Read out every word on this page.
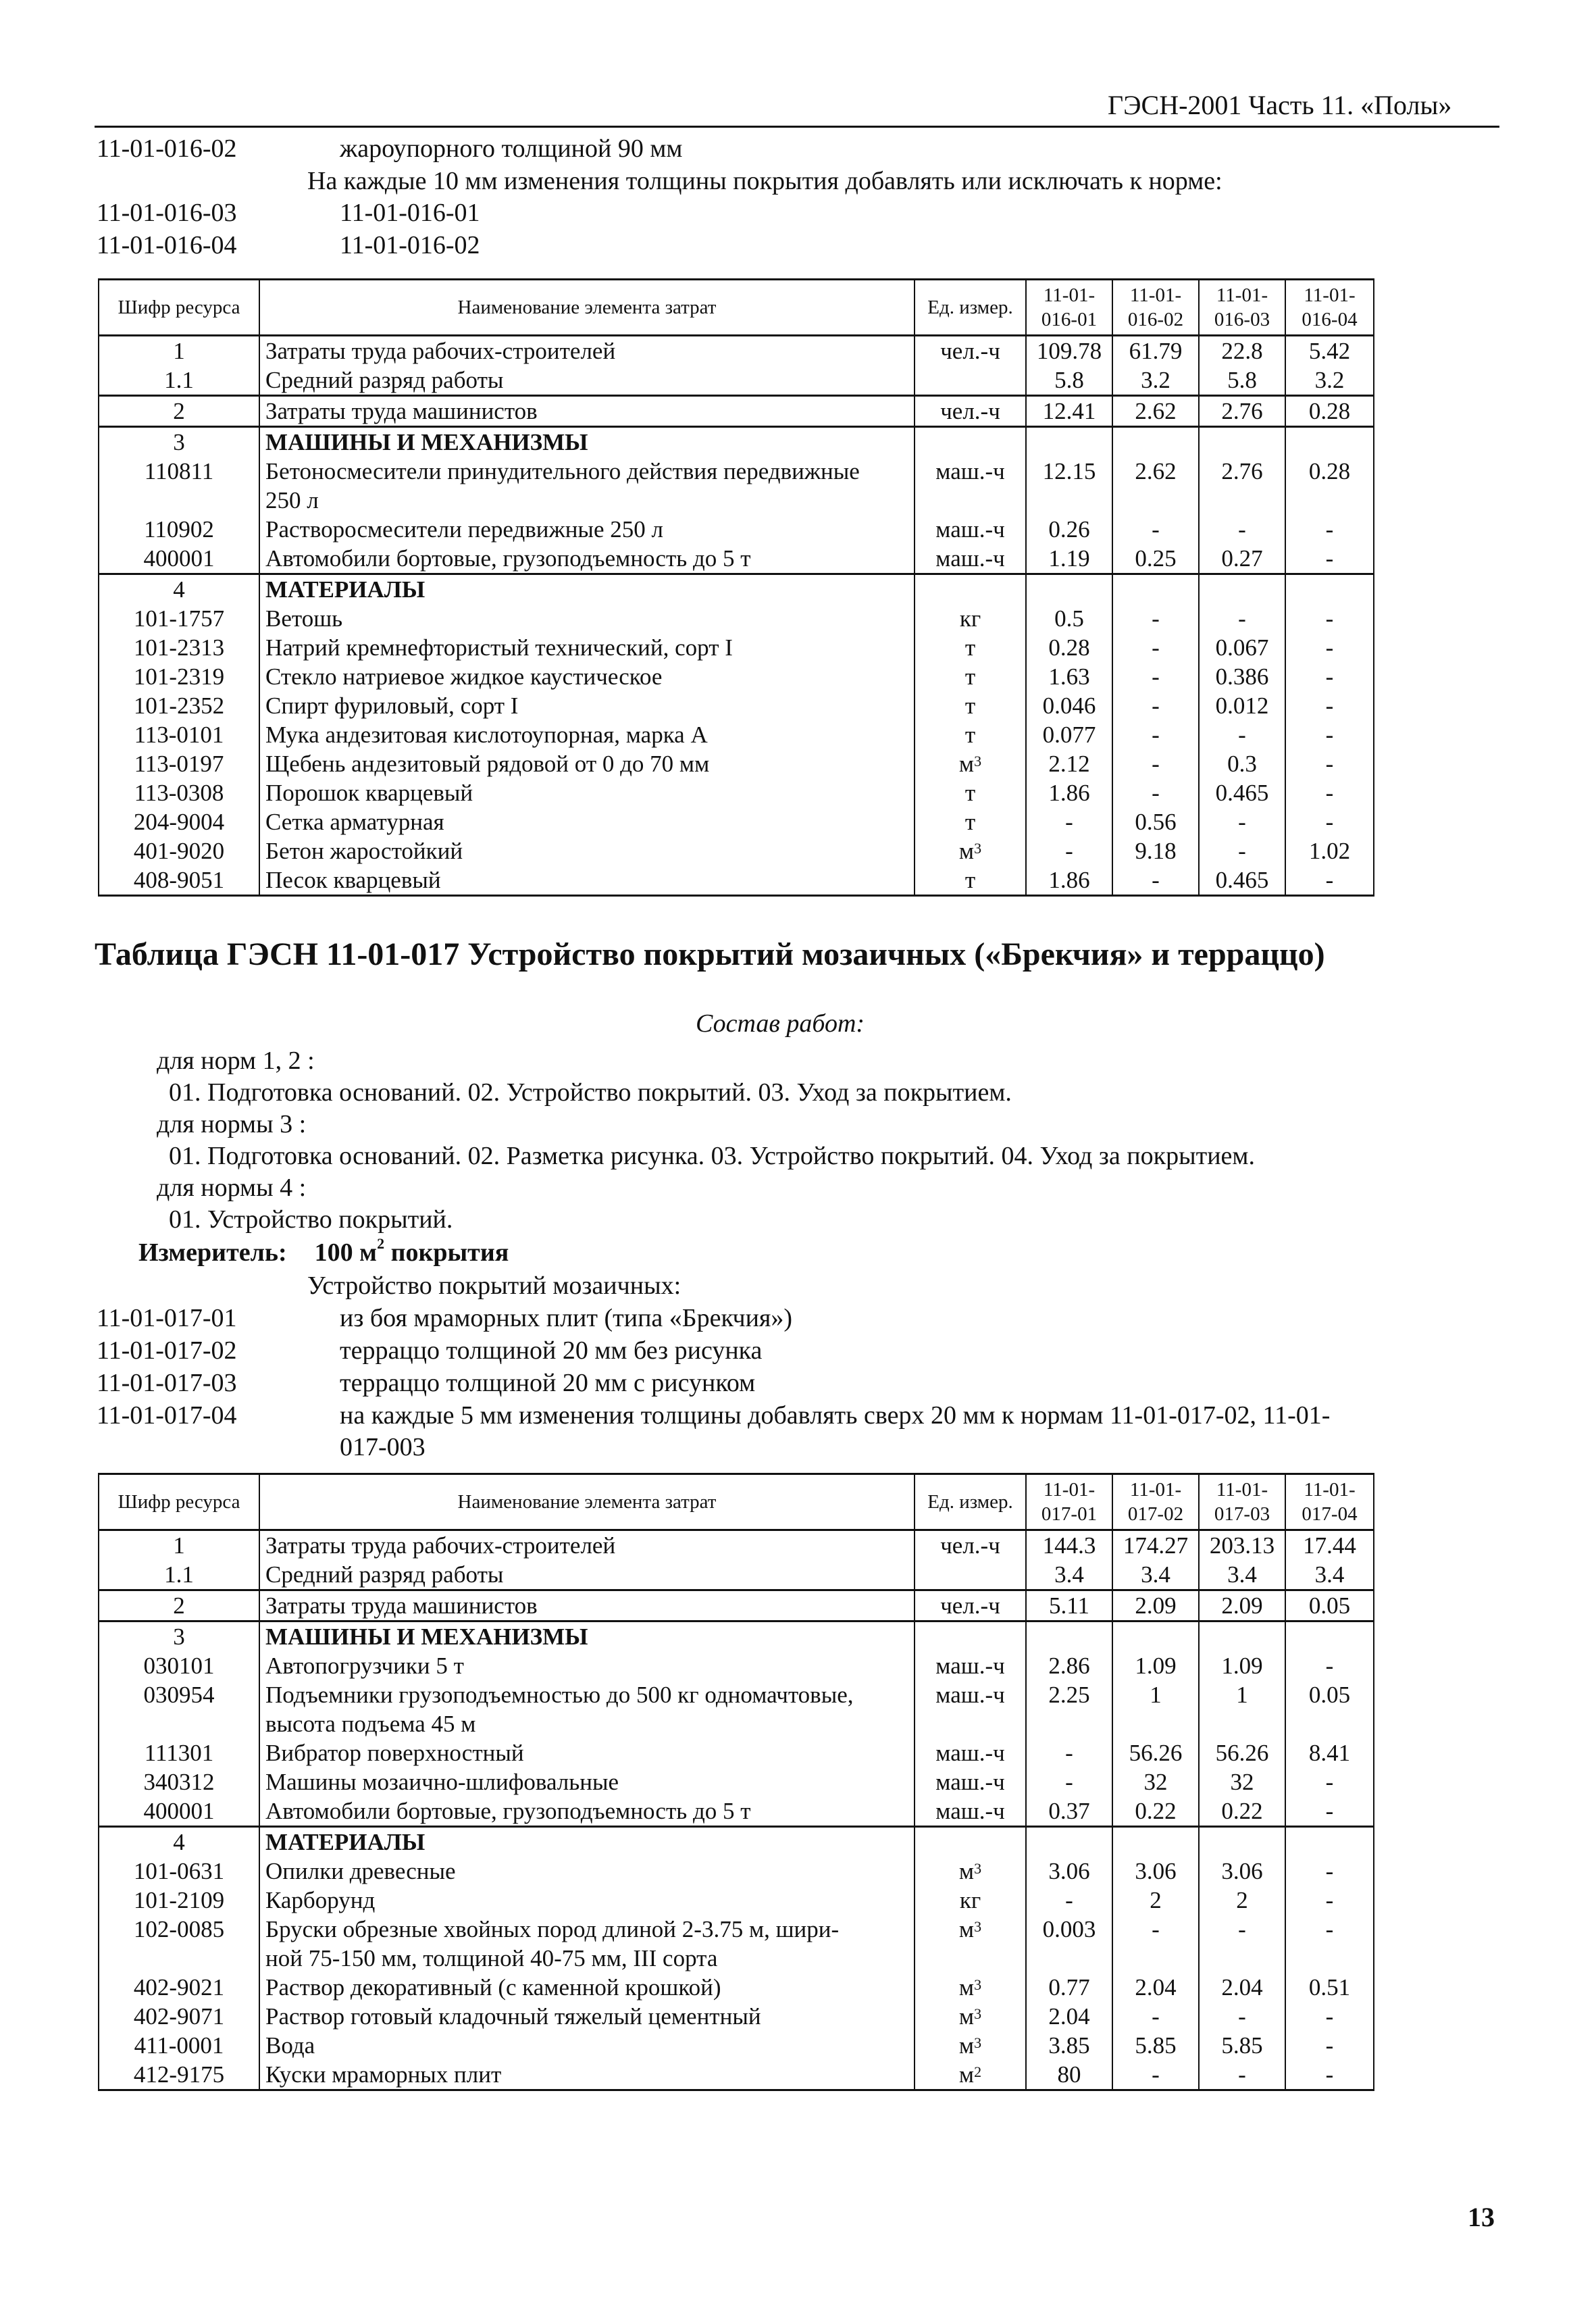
ГЭСН-2001 Часть 11. «Полы»
11-01-016-02	жароупорного толщиной 90 мм
На каждые 10 мм изменения толщины покрытия добавлять или исключать к норме:
11-01-016-03	11-01-016-01
11-01-016-04	11-01-016-02
Шифр ресурса	Наименование элемента затрат	Ед. измер.	11-01-016-01	11-01-016-02	11-01-016-03	11-01-016-04
1	Затраты труда рабочих-строителей	чел.-ч	109.78	61.79	22.8	5.42
1.1	Средний разряд работы		5.8	3.2	5.8	3.2
2	Затраты труда машинистов	чел.-ч	12.41	2.62	2.76	0.28
3	МАШИНЫ И МЕХАНИЗМЫ					
110811	Бетоносмесители принудительного действия передвижные	маш.-ч	12.15	2.62	2.76	0.28
	250 л					
110902	Растворосмесители передвижные 250 л	маш.-ч	0.26	-	-	-
400001	Автомобили бортовые, грузоподъемность до 5 т	маш.-ч	1.19	0.25	0.27	-
4	МАТЕРИАЛЫ					
101-1757	Ветошь	кг	0.5	-	-	-
101-2313	Натрий кремнефтористый технический, сорт I	т	0.28	-	0.067	-
101-2319	Стекло натриевое жидкое каустическое	т	1.63	-	0.386	-
101-2352	Спирт фуриловый, сорт I	т	0.046	-	0.012	-
113-0101	Мука андезитовая кислотоупорная, марка А	т	0.077	-	-	-
113-0197	Щебень андезитовый рядовой от 0 до 70 мм	$м^3$	2.12	-	0.3	-
113-0308	Порошок кварцевый	т	1.86	-	0.465	-
204-9004	Сетка арматурная	т	-	0.56	-	-
401-9020	Бетон жаростойкий	$м^3$	-	9.18	-	1.02
408-9051	Песок кварцевый	т	1.86	-	0.465	-
Таблица ГЭСН 11-01-017 Устройство покрытий мозаичных («Брекчия» и терраццо)
Состав работ:
для норм 1, 2 :
01. Подготовка оснований. 02. Устройство покрытий. 03. Уход за покрытием.
для нормы 3 :
01. Подготовка оснований. 02. Разметка рисунка. 03. Устройство покрытий. 04. Уход за покрытием.
для нормы 4 :
01. Устройство покрытий.
Измеритель: 100 $м^2$ покрытия
Устройство покрытий мозаичных:
11-01-017-01	из боя мраморных плит (типа «Брекчия»)
11-01-017-02	терраццо толщиной 20 мм без рисунка
11-01-017-03	терраццо толщиной 20 мм с рисунком
11-01-017-04	на каждые 5 мм изменения толщины добавлять сверх 20 мм к нормам 11-01-017-02, 11-01-
017-003
Шифр ресурса	Наименование элемента затрат	Ед. измер.	11-01-017-01	11-01-017-02	11-01-017-03	11-01-017-04
1	Затраты труда рабочих-строителей	чел.-ч	144.3	174.27	203.13	17.44
1.1	Средний разряд работы		3.4	3.4	3.4	3.4
2	Затраты труда машинистов	чел.-ч	5.11	2.09	2.09	0.05
3	МАШИНЫ И МЕХАНИЗМЫ					
030101	Автопогрузчики 5 т	маш.-ч	2.86	1.09	1.09	-
030954	Подъемники грузоподъемностью до 500 кг одномачтовые,	маш.-ч	2.25	1	1	0.05
	высота подъема 45 м					
111301	Вибратор поверхностный	маш.-ч	-	56.26	56.26	8.41
340312	Машины мозаично-шлифовальные	маш.-ч	-	32	32	-
400001	Автомобили бортовые, грузоподъемность до 5 т	маш.-ч	0.37	0.22	0.22	-
4	МАТЕРИАЛЫ					
101-0631	Опилки древесные	$м^3$	3.06	3.06	3.06	-
101-2109	Карборунд	кг	-	2	2	-
102-0085	Бруски обрезные хвойных пород длиной 2-3.75 м, шири-	$м^3$	0.003	-	-	-
	ной 75-150 мм, толщиной 40-75 мм, III сорта					
402-9021	Раствор декоративный (с каменной крошкой)	$м^3$	0.77	2.04	2.04	0.51
402-9071	Раствор готовый кладочный тяжелый цементный	$м^3$	2.04	-	-	-
411-0001	Вода	$м^3$	3.85	5.85	5.85	-
412-9175	Куски мраморных плит	$м^2$	80	-	-	-
13
